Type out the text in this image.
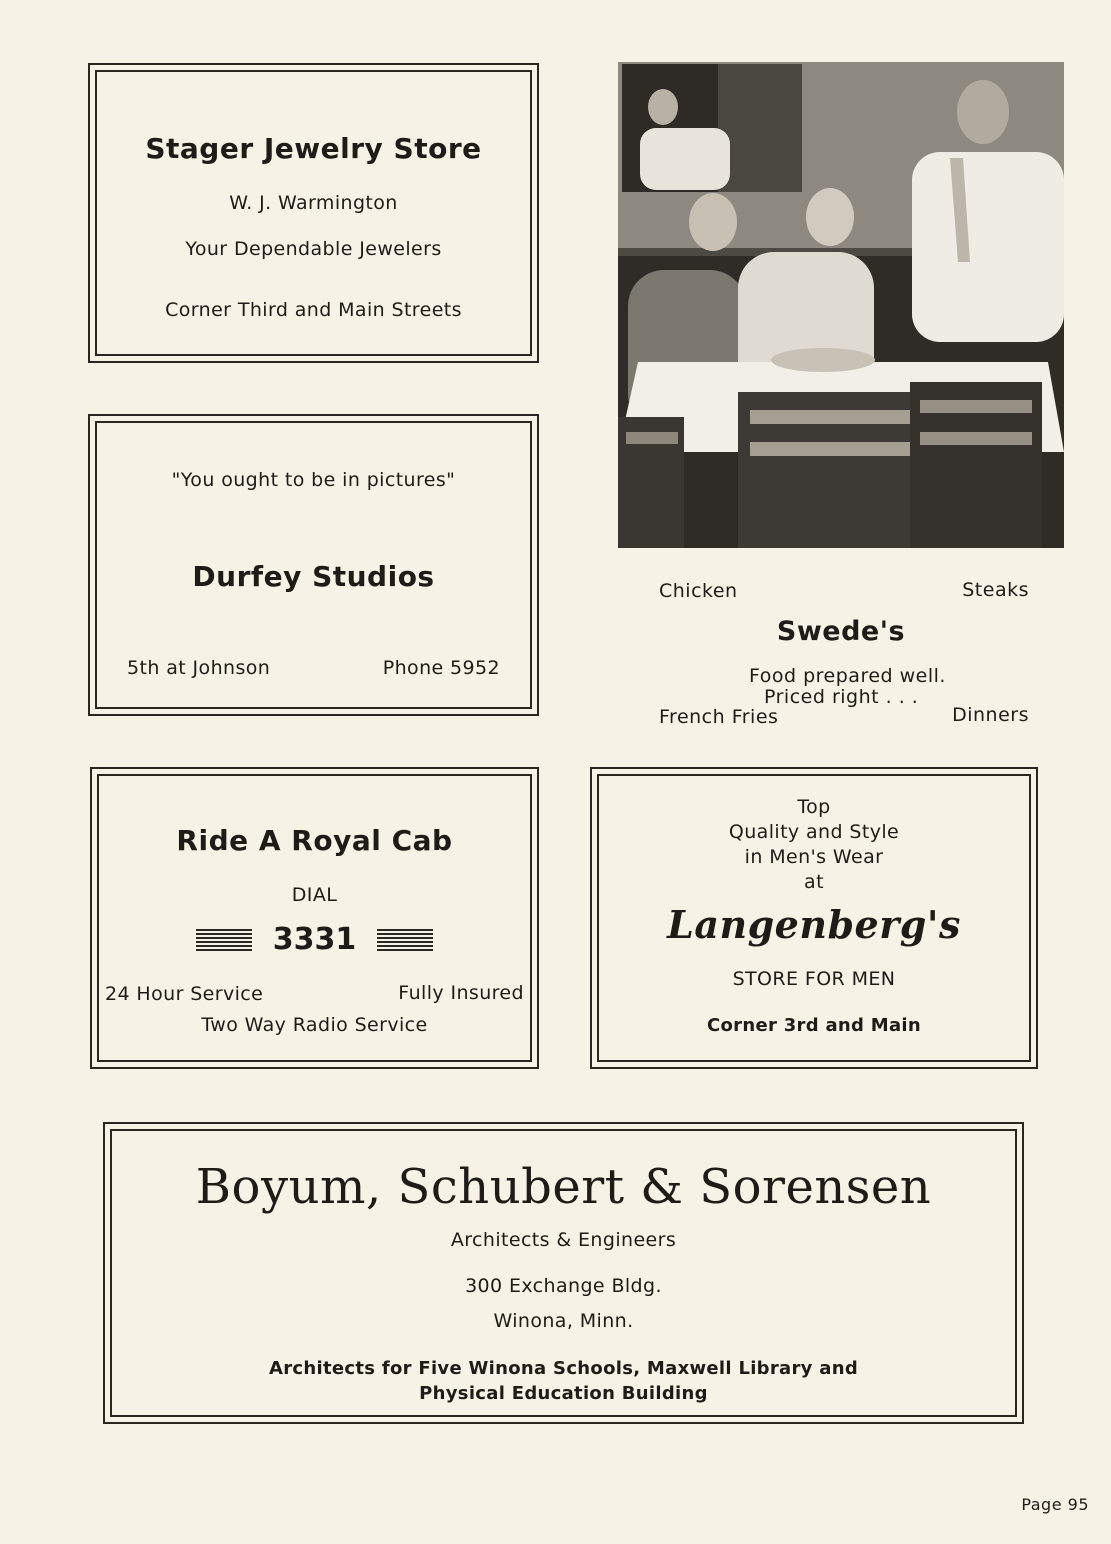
Stager Jewelry Store
W. J. Warmington
Your Dependable Jewelers
Corner Third and Main Streets
"You ought to be in pictures"
Durfey Studios
5th at Johnson	Phone 5952
Chicken	Steaks
Swede's
Food prepared well.
Priced right . . .
French Fries	Dinners
Ride A Royal Cab
DIAL
3331
24 Hour Service	Fully Insured
Two Way Radio Service
Top
Quality and Style
in Men's Wear
at
Langenberg's
STORE FOR MEN
Corner 3rd and Main
Boyum, Schubert & Sorensen
Architects & Engineers
300 Exchange Bldg.
Winona, Minn.
Architects for Five Winona Schools, Maxwell Library and
Physical Education Building
Page 95
